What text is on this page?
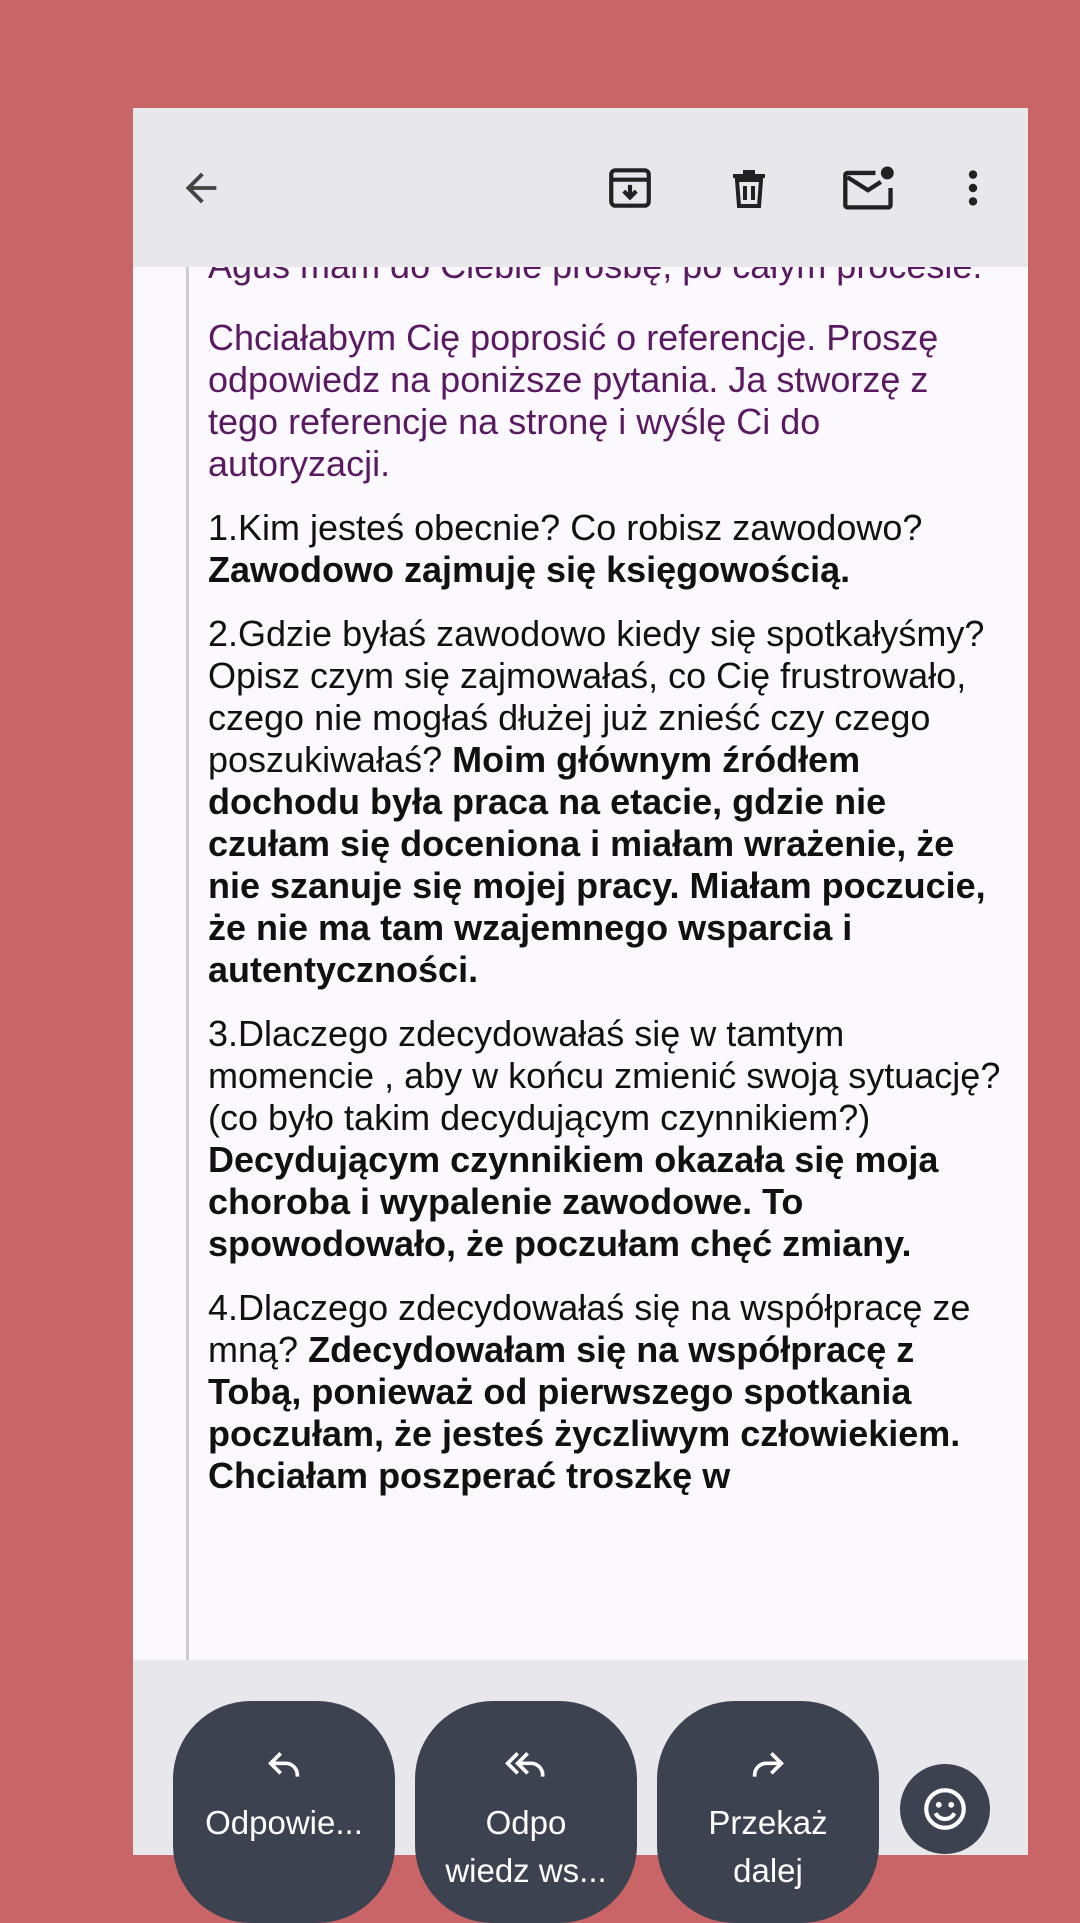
Chciałabym Cię poprosić o referencje. Proszę odpowiedz na poniższe pytania. Ja stworzę z tego referencje na stronę i wyślę Ci do autoryzacji.

1.Kim jesteś obecnie? Co robisz zawodowo?
Zawodowo zajmuję się księgowością.

2.Gdzie byłaś zawodowo kiedy się spotkałyśmy? Opisz czym się zajmowałaś, co Cię frustrowało, czego nie mogłaś dłużej już znieść czy czego poszukiwałaś? Moim głównym źródłem dochodu była praca na etacie, gdzie nie czułam się doceniona i miałam wrażenie, że nie szanuje się mojej pracy. Miałam poczucie, że nie ma tam wzajemnego wsparcia i autentyczności.

3.Dlaczego zdecydowałaś się w tamtym momencie , aby w końcu zmienić swoją sytuację? (co było takim decydującym czynnikiem?) Decydującym czynnikiem okazała się moja choroba i wypalenie zawodowe. To spowodowało, że poczułam chęć zmiany.

4.Dlaczego zdecydowałaś się na współpracę ze mną? Zdecydowałam się na współpracę z Tobą, ponieważ od pierwszego spotkania poczułam, że jesteś życzliwym człowiekiem. Chciałam poszperać troszkę w

Odpowie...	Odpo wiedz ws...
Przekaż dalej
